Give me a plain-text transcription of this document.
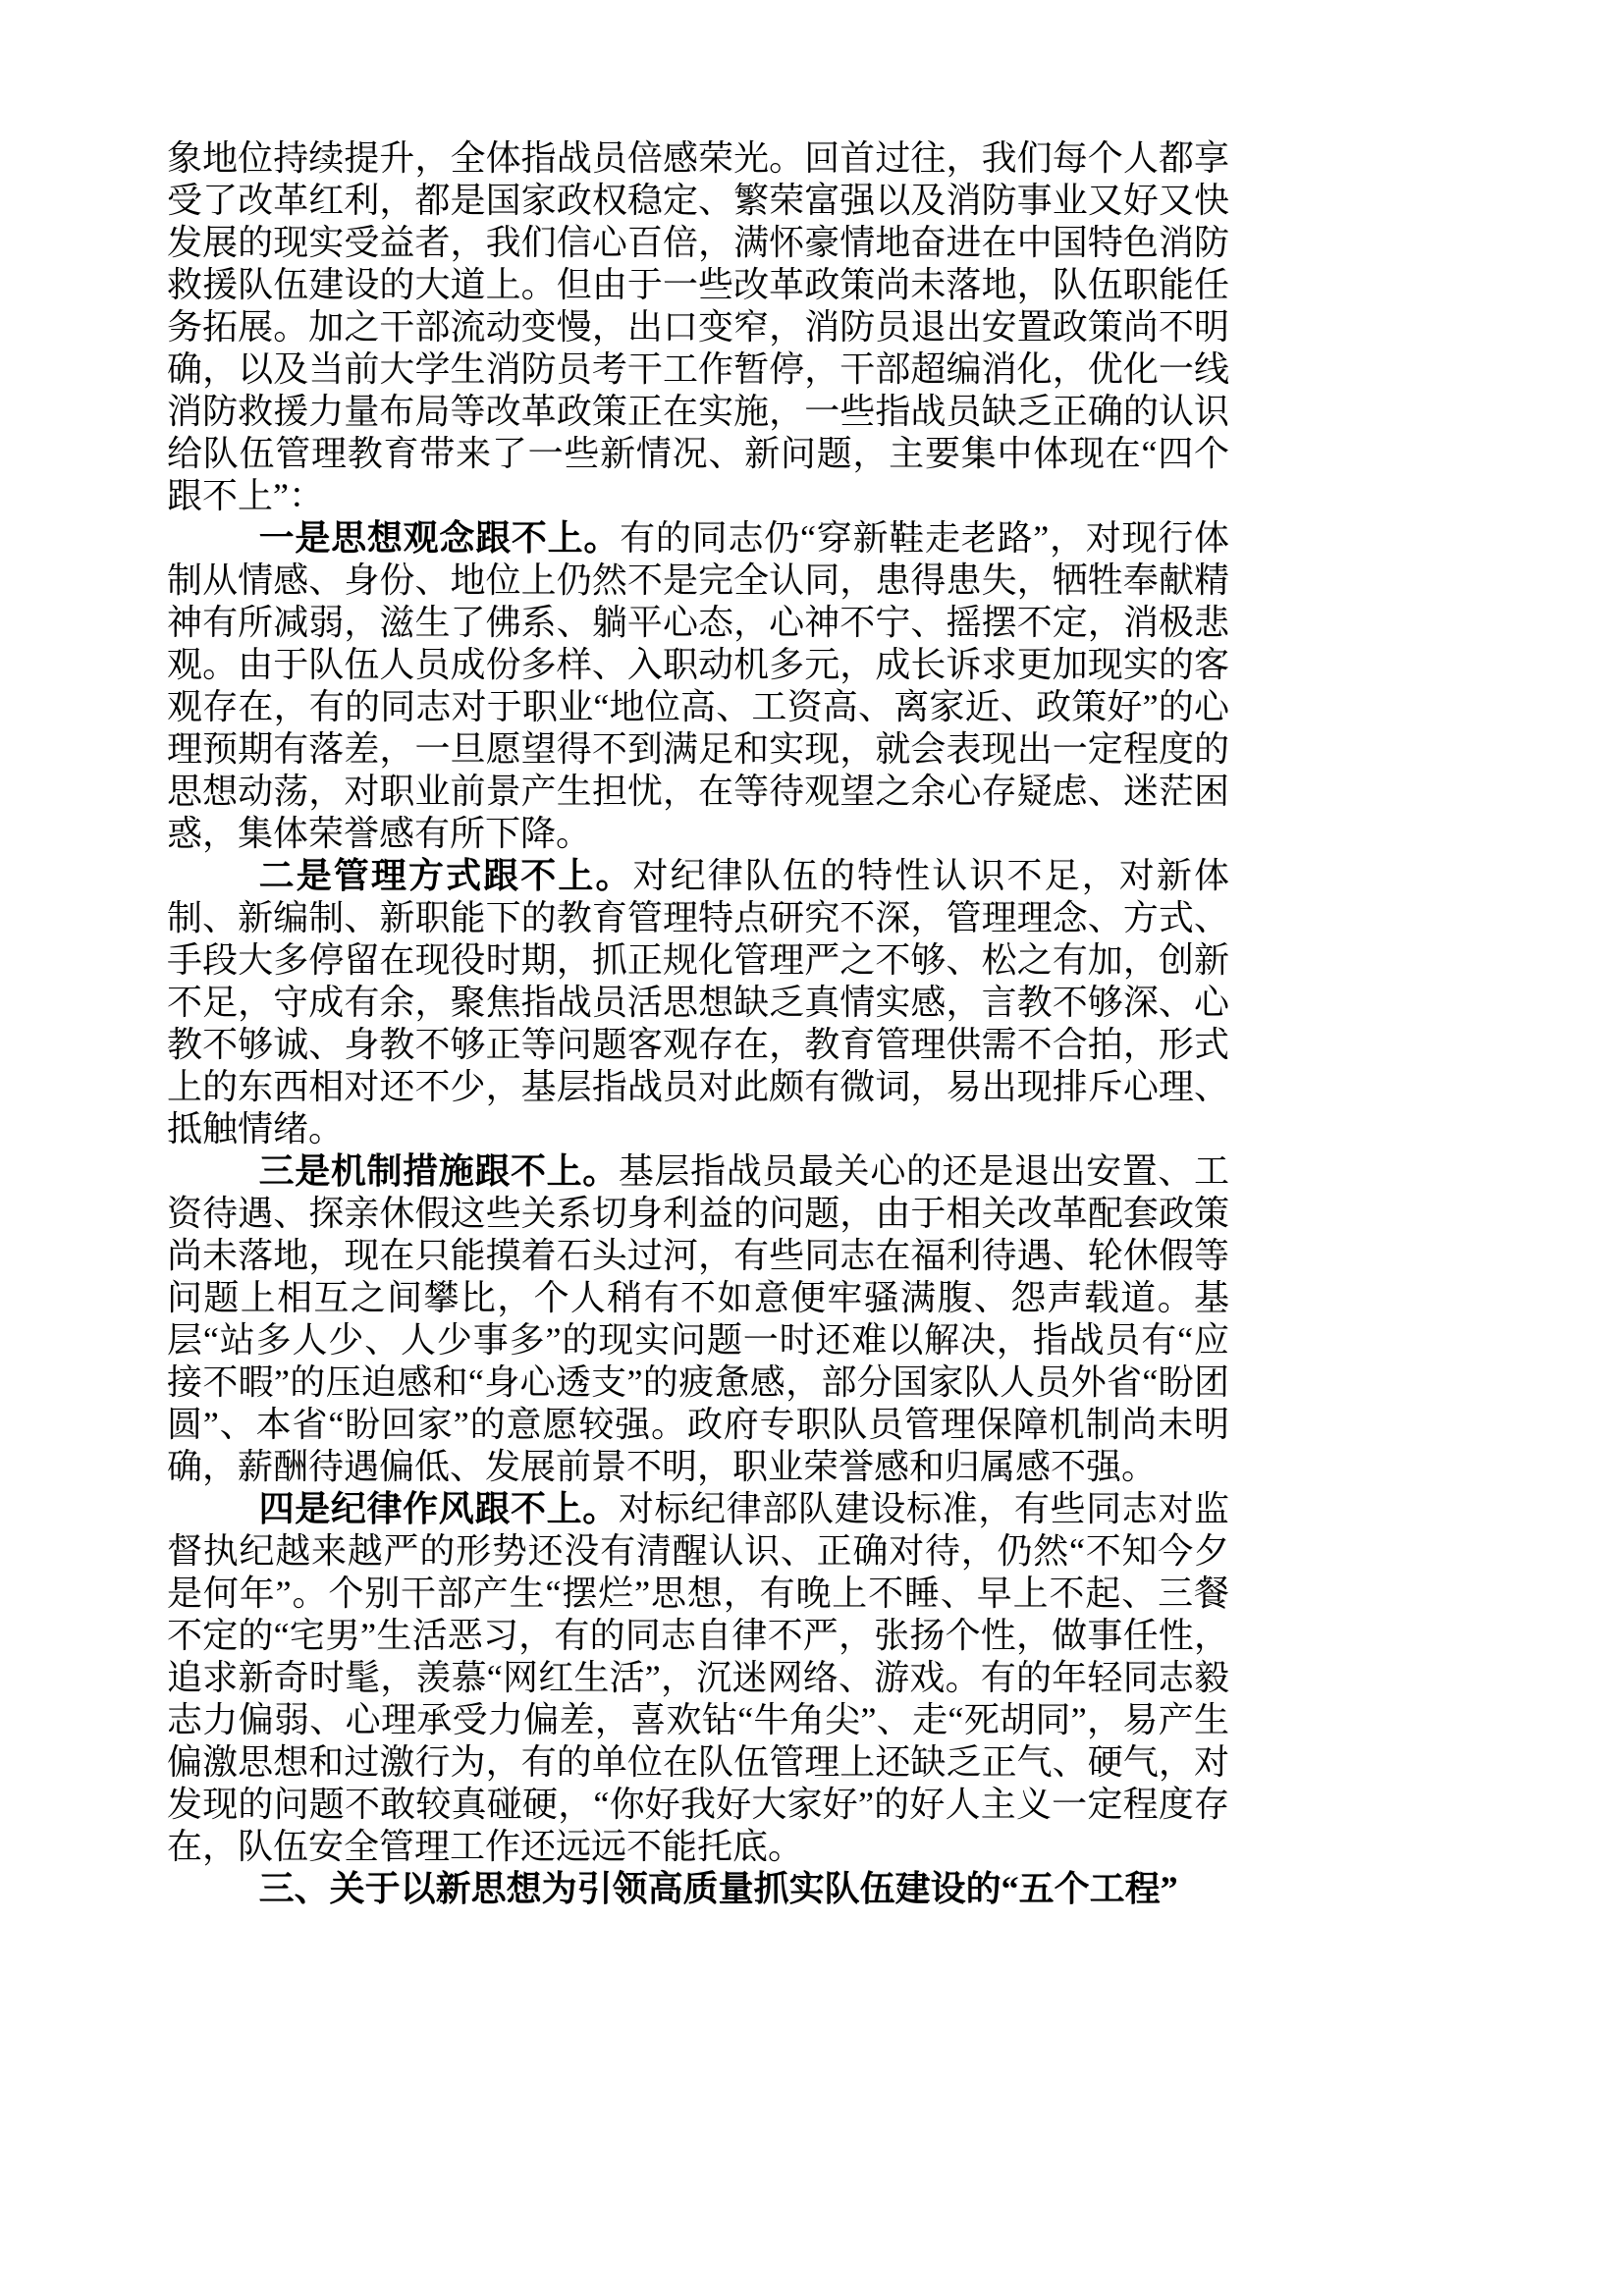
象地位持续提升，全体指战员倍感荣光。回首过往，我们每个人都享受了改革红利，都是国家政权稳定、繁荣富强以及消防事业又好又快发展的现实受益者，我们信心百倍，满怀豪情地奋进在中国特色消防救援队伍建设的大道上。但由于一些改革政策尚未落地，队伍职能任务拓展。加之干部流动变慢，出口变窄，消防员退出安置政策尚不明确，以及当前大学生消防员考干工作暂停，干部超编消化，优化一线消防救援力量布局等改革政策正在实施，一些指战员缺乏正确的认识给队伍管理教育带来了一些新情况、新问题，主要集中体现在“四个跟不上”：

一是思想观念跟不上。有的同志仍“穿新鞋走老路”，对现行体制从情感、身份、地位上仍然不是完全认同，患得患失，牺牲奉献精神有所减弱，滋生了佛系、躺平心态，心神不宁、摇摆不定，消极悲观。由于队伍人员成份多样、入职动机多元，成长诉求更加现实的客观存在，有的同志对于职业“地位高、工资高、离家近、政策好”的心理预期有落差，一旦愿望得不到满足和实现，就会表现出一定程度的思想动荡，对职业前景产生担忧，在等待观望之余心存疑虑、迷茫困惑，集体荣誉感有所下降。

二是管理方式跟不上。对纪律队伍的特性认识不足，对新体制、新编制、新职能下的教育管理特点研究不深，管理理念、方式、手段大多停留在现役时期，抓正规化管理严之不够、松之有加，创新不足，守成有余，聚焦指战员活思想缺乏真情实感，言教不够深、心教不够诚、身教不够正等问题客观存在，教育管理供需不合拍，形式上的东西相对还不少，基层指战员对此颇有微词，易出现排斥心理、抵触情绪。

三是机制措施跟不上。基层指战员最关心的还是退出安置、工资待遇、探亲休假这些关系切身利益的问题，由于相关改革配套政策尚未落地，现在只能摸着石头过河，有些同志在福利待遇、轮休假等问题上相互之间攀比，个人稍有不如意便牢骚满腹、怨声载道。基层“站多人少、人少事多”的现实问题一时还难以解决，指战员有“应接不暇”的压迫感和“身心透支”的疲惫感，部分国家队人员外省“盼团圆”、本省“盼回家”的意愿较强。政府专职队员管理保障机制尚未明确，薪酬待遇偏低、发展前景不明，职业荣誉感和归属感不强。

四是纪律作风跟不上。对标纪律部队建设标准，有些同志对监督执纪越来越严的形势还没有清醒认识、正确对待，仍然“不知今夕是何年”。个别干部产生“摆烂”思想，有晚上不睡、早上不起、三餐不定的“宅男”生活恶习，有的同志自律不严，张扬个性，做事任性，追求新奇时髦，羡慕“网红生活”，沉迷网络、游戏。有的年轻同志毅志力偏弱、心理承受力偏差，喜欢钻“牛角尖”、走“死胡同”，易产生偏激思想和过激行为，有的单位在队伍管理上还缺乏正气、硬气，对发现的问题不敢较真碰硬，“你好我好大家好”的好人主义一定程度存在，队伍安全管理工作还远远不能托底。

三、关于以新思想为引领高质量抓实队伍建设的“五个工程”
